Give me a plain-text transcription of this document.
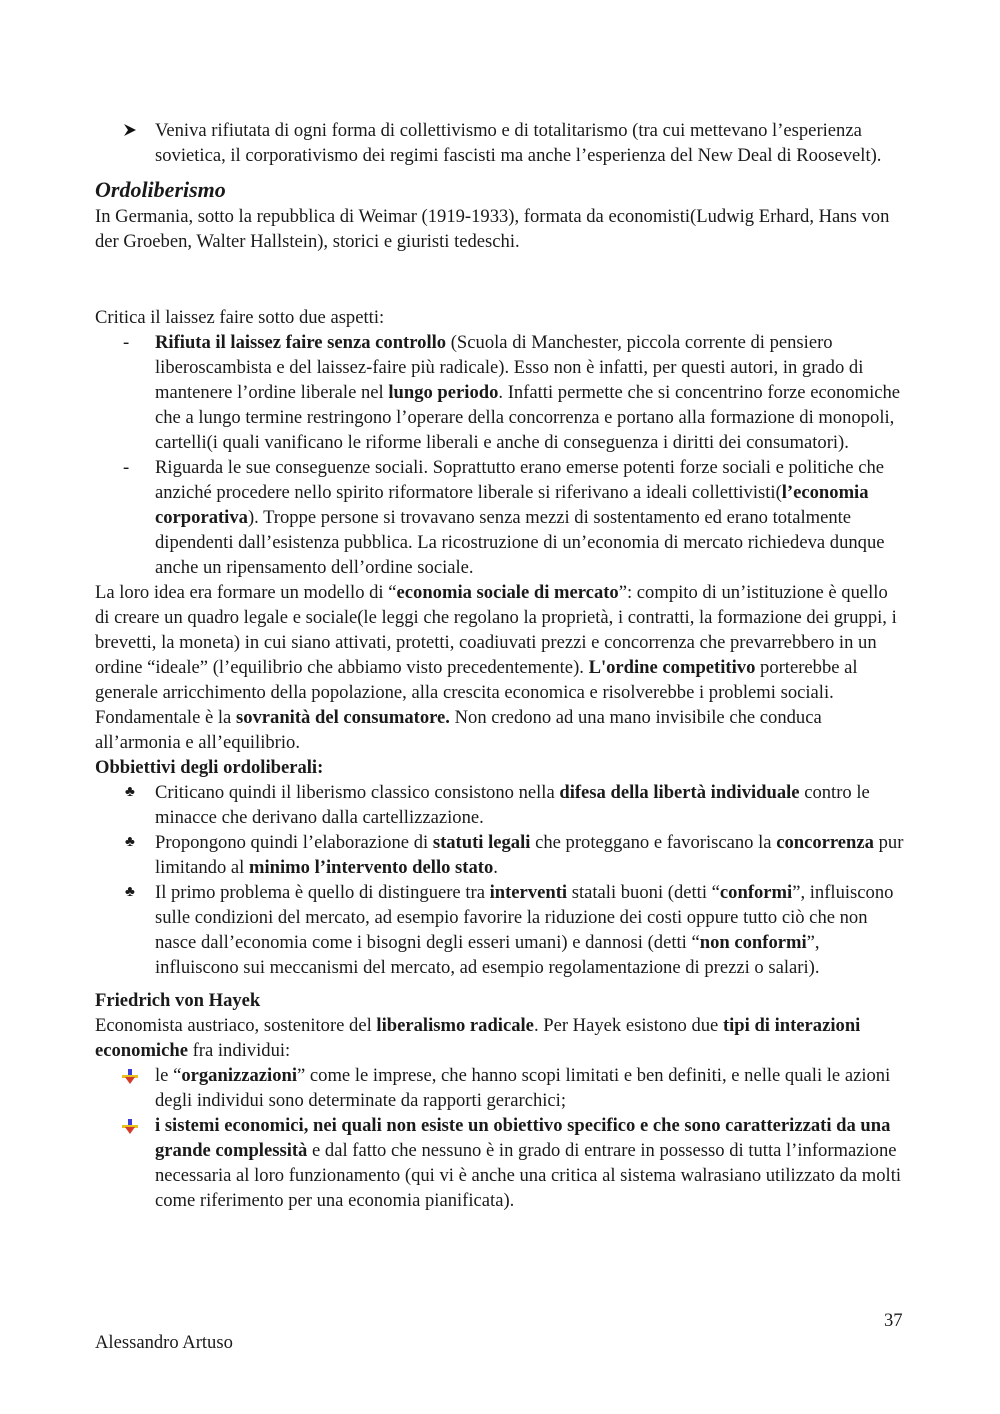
Veniva rifiutata di ogni forma di collettivismo e di totalitarismo (tra cui mettevano l’esperienza sovietica, il corporativismo dei regimi fascisti ma anche l’esperienza del New Deal di Roosevelt).

Ordoliberismo

In Germania, sotto la repubblica di Weimar (1919-1933), formata da economisti(Ludwig Erhard, Hans von der Groeben, Walter Hallstein), storici e giuristi tedeschi.

Critica il laissez faire sotto due aspetti:

-	Rifiuta il laissez faire senza controllo (Scuola di Manchester, piccola corrente di pensiero liberoscambista e del laissez-faire più radicale). Esso non è infatti, per questi autori, in grado di mantenere l’ordine liberale nel lungo periodo. Infatti permette che si concentrino forze economiche che a lungo termine restringono l’operare della concorrenza e portano alla formazione di monopoli, cartelli(i quali vanificano le riforme liberali e anche di conseguenza i diritti dei consumatori).

-	Riguarda le sue conseguenze sociali. Soprattutto erano emerse potenti forze sociali e politiche che anziché procedere nello spirito riformatore liberale si riferivano a ideali collettivisti(l’economia corporativa). Troppe persone si trovavano senza mezzi di sostentamento ed erano totalmente dipendenti dall’esistenza pubblica. La ricostruzione di un’economia di mercato richiedeva dunque anche un ripensamento dell’ordine sociale.

La loro idea era formare un modello di “economia sociale di mercato”: compito di un’istituzione è quello di creare un quadro legale e sociale(le leggi che regolano la proprietà, i contratti, la formazione dei gruppi, i brevetti, la moneta) in cui siano attivati, protetti, coadiuvati prezzi e concorrenza che prevarrebbero in un ordine “ideale” (l’equilibrio che abbiamo visto precedentemente). L'ordine competitivo porterebbe al generale arricchimento della popolazione, alla crescita economica e risolverebbe i problemi sociali. Fondamentale è la sovranità del consumatore. Non credono ad una mano invisibile che conduca all’armonia e all’equilibrio.

Obbiettivi degli ordoliberali:

♣	Criticano quindi il liberismo classico consistono nella difesa della libertà individuale contro le minacce che derivano dalla cartellizzazione.

♣	Propongono quindi l’elaborazione di statuti legali che proteggano e favoriscano la concorrenza pur limitando al minimo l’intervento dello stato.

♣	Il primo problema è quello di distinguere tra interventi statali buoni (detti “conformi”, influiscono sulle condizioni del mercato, ad esempio favorire la riduzione dei costi oppure tutto ciò che non nasce dall’economia come i bisogni degli esseri umani) e dannosi (detti “non conformi”, influiscono sui meccanismi del mercato, ad esempio regolamentazione di prezzi o salari).

Friedrich von Hayek

Economista austriaco, sostenitore del liberalismo radicale. Per Hayek esistono due tipi di interazioni economiche fra individui:

le “organizzazioni” come le imprese, che hanno scopi limitati e ben definiti, e nelle quali le azioni degli individui sono determinate da rapporti gerarchici;

i sistemi economici, nei quali non esiste un obiettivo specifico e che sono caratterizzati da una grande complessità e dal fatto che nessuno è in grado di entrare in possesso di tutta l’informazione necessaria al loro funzionamento (qui vi è anche una critica al sistema walrasiano utilizzato da molti come riferimento per una economia pianificata).

37
Alessandro Artuso
